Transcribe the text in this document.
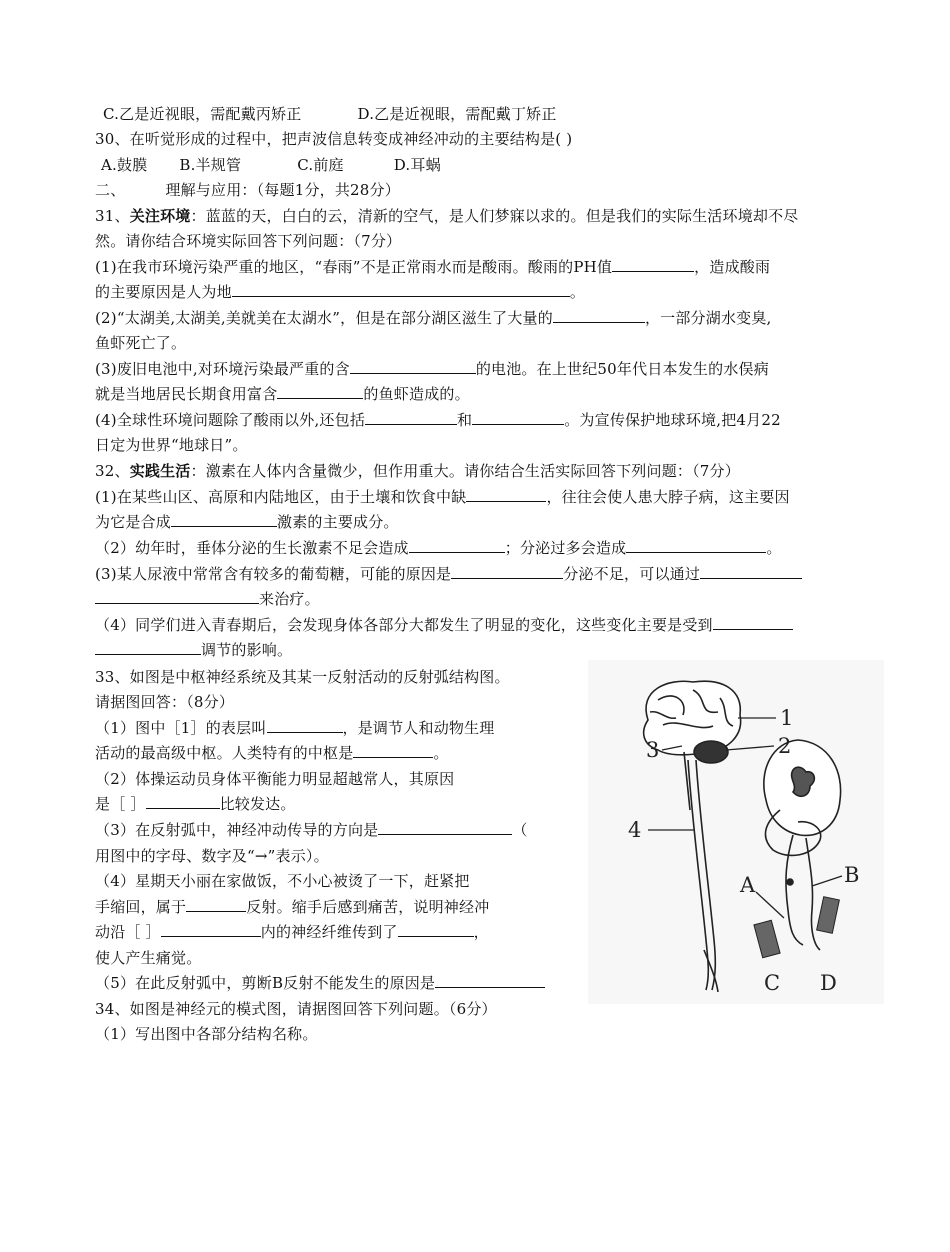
C.乙是近视眼，需配戴丙矫正	D.乙是近视眼，需配戴丁矫正
30、在听觉形成的过程中，把声波信息转变成神经冲动的主要结构是( )
A.鼓膜 B.半规管	C.前庭	D.耳蜗
二、	理解与应用：（每题1分，共28分）
31、关注环境：蓝蓝的天，白白的云，清新的空气，是人们梦寐以求的。但是我们的实际生活环境却不尽
然。请你结合环境实际回答下列问题：（7分）
(1)在我市环境污染严重的地区，“春雨”不是正常雨水而是酸雨。酸雨的PH值	，造成酸雨
的主要原因是人为地	。
(2)“太湖美,太湖美,美就美在太湖水”，但是在部分湖区滋生了大量的	，一部分湖水变臭,
鱼虾死亡了。
(3)废旧电池中,对环境污染最严重的含	的电池。在上世纪50年代日本发生的水俣病
就是当地居民长期食用富含	的鱼虾造成的。
(4)全球性环境问题除了酸雨以外,还包括	和	。为宣传保护地球环境,把4月22
日定为世界“地球日”。
32、实践生活：激素在人体内含量微少，但作用重大。请你结合生活实际回答下列问题：（7分）
(1)在某些山区、高原和内陆地区，由于土壤和饮食中缺	，往往会使人患大脖子病，这主要因
为它是合成	激素的主要成分。
（2）幼年时，垂体分泌的生长激素不足会造成	；分泌过多会造成	。
(3)某人尿液中常常含有较多的葡萄糖，可能的原因是	分泌不足，可以通过
来治疗。
（4）同学们进入青春期后，会发现身体各部分大都发生了明显的变化，这些变化主要是受到
调节的影响。
33、如图是中枢神经系统及其某一反射活动的反射弧结构图。
请据图回答：（8分）
（1）图中［1］的表层叫	，是调节人和动物生理
活动的最高级中枢。人类特有的中枢是	。
（2）体操运动员身体平衡能力明显超越常人，其原因
是［ ］	比较发达。
（3）在反射弧中，神经冲动传导的方向是	（
用图中的字母、数字及“→”表示）。
（4）星期天小丽在家做饭，不小心被烫了一下，赶紧把
手缩回，属于	反射。缩手后感到痛苦，说明神经冲
动沿［ ］	内的神经纤维传到了	，
使人产生痛觉。
（5）在此反射弧中，剪断B反射不能发生的原因是
34、如图是神经元的模式图，请据图回答下列问题。（6分）
（1）写出图中各部分结构名称。
1
2
3
4
A	B
C D
